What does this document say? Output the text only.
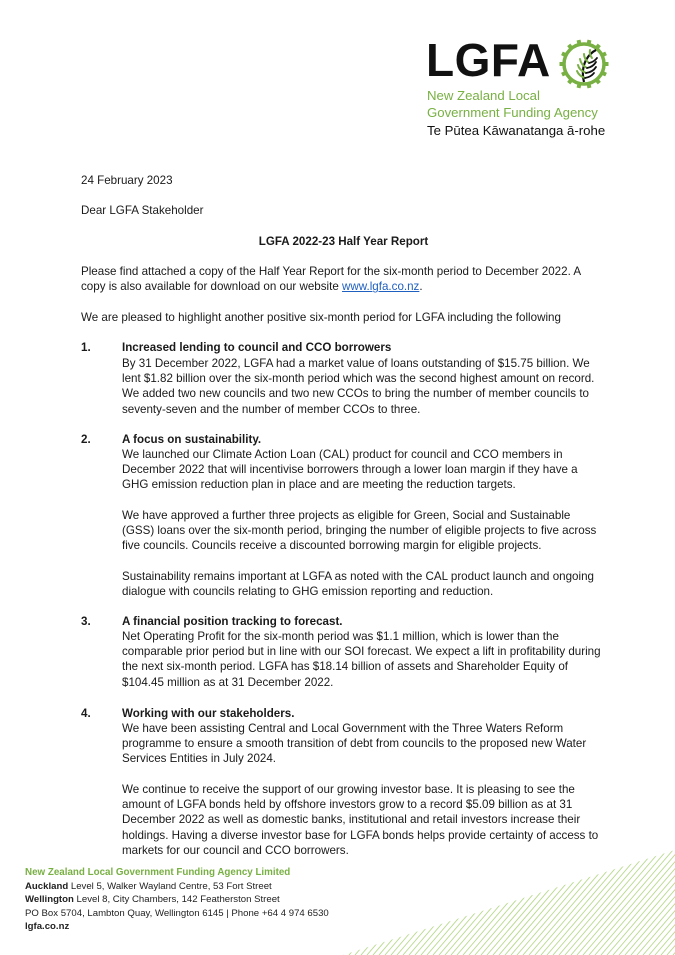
LGFA
New Zealand Local
Government Funding Agency
Te Pūtea Kāwanatanga ā-rohe
24 February 2023
Dear LGFA Stakeholder
LGFA 2022-23 Half Year Report
Please find attached a copy of the Half Year Report for the six-month period to December 2022. A copy is also available for download on our website www.lgfa.co.nz.
We are pleased to highlight another positive six-month period for LGFA including the following
1.	Increased lending to council and CCO borrowers
By 31 December 2022, LGFA had a market value of loans outstanding of $15.75 billion. We lent $1.82 billion over the six-month period which was the second highest amount on record. We added two new councils and two new CCOs to bring the number of member councils to seventy-seven and the number of member CCOs to three.
2.	A focus on sustainability.
We launched our Climate Action Loan (CAL) product for council and CCO members in December 2022 that will incentivise borrowers through a lower loan margin if they have a GHG emission reduction plan in place and are meeting the reduction targets.
We have approved a further three projects as eligible for Green, Social and Sustainable (GSS) loans over the six-month period, bringing the number of eligible projects to five across five councils. Councils receive a discounted borrowing margin for eligible projects.
Sustainability remains important at LGFA as noted with the CAL product launch and ongoing dialogue with councils relating to GHG emission reporting and reduction.
3.	A financial position tracking to forecast.
Net Operating Profit for the six-month period was $1.1 million, which is lower than the comparable prior period but in line with our SOI forecast. We expect a lift in profitability during the next six-month period. LGFA has $18.14 billion of assets and Shareholder Equity of $104.45 million as at 31 December 2022.
4.	Working with our stakeholders.
We have been assisting Central and Local Government with the Three Waters Reform programme to ensure a smooth transition of debt from councils to the proposed new Water Services Entities in July 2024.
We continue to receive the support of our growing investor base. It is pleasing to see the amount of LGFA bonds held by offshore investors grow to a record $5.09 billion as at 31 December 2022 as well as domestic banks, institutional and retail investors increase their holdings. Having a diverse investor base for LGFA bonds helps provide certainty of access to markets for our council and CCO borrowers.
New Zealand Local Government Funding Agency Limited
Auckland Level 5, Walker Wayland Centre, 53 Fort Street
Wellington Level 8, City Chambers, 142 Featherston Street
PO Box 5704, Lambton Quay, Wellington 6145 | Phone +64 4 974 6530
lgfa.co.nz
